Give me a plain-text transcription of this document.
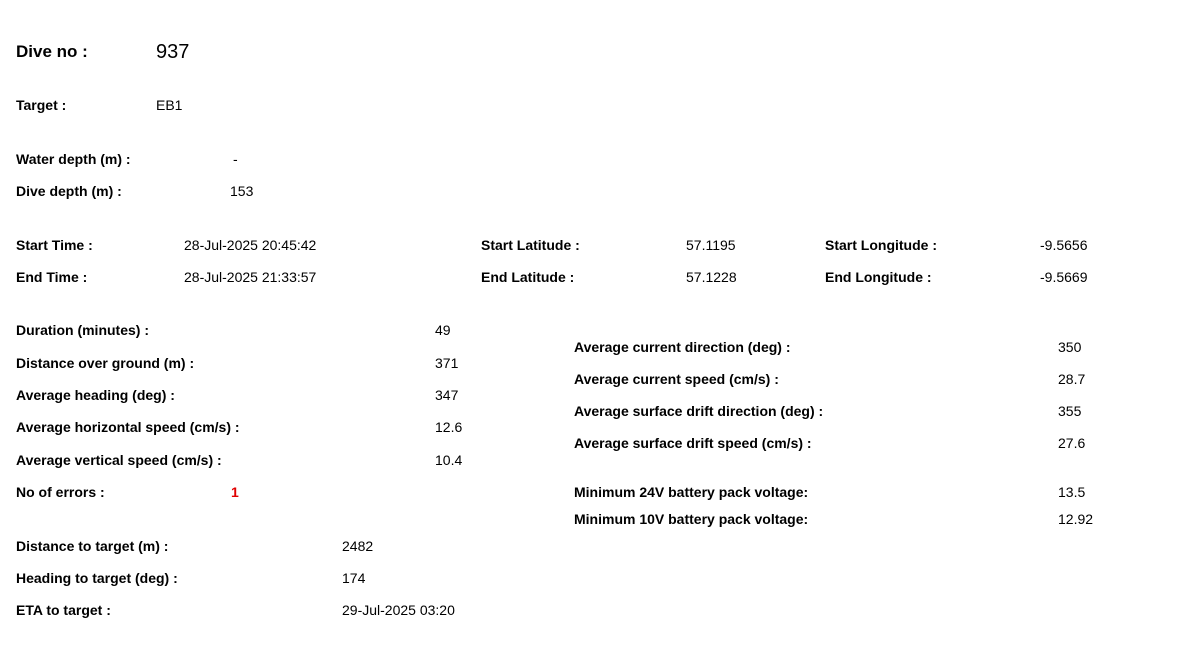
Dive no :	937
Target :	EB1
Water depth (m) :	-
Dive depth (m) :	153
Start Time :	28-Jul-2025 20:45:42
End Time :	28-Jul-2025 21:33:57
Start Latitude :	57.1195
End Latitude :	57.1228
Start Longitude :	-9.5656
End Longitude :	-9.5669
Duration (minutes) :	49
Distance over ground (m) :	371
Average heading (deg) :	347
Average horizontal speed (cm/s) :	12.6
Average vertical speed (cm/s) :	10.4
No of errors :	1
Average current direction (deg) :	350
Average current speed (cm/s) :	28.7
Average surface drift direction (deg) :	355
Average surface drift speed (cm/s) :	27.6
Minimum 24V battery pack voltage:	13.5
Minimum 10V battery pack voltage:	12.92
Distance to target (m) :	2482
Heading to target (deg) :	174
ETA to target :	29-Jul-2025 03:20
